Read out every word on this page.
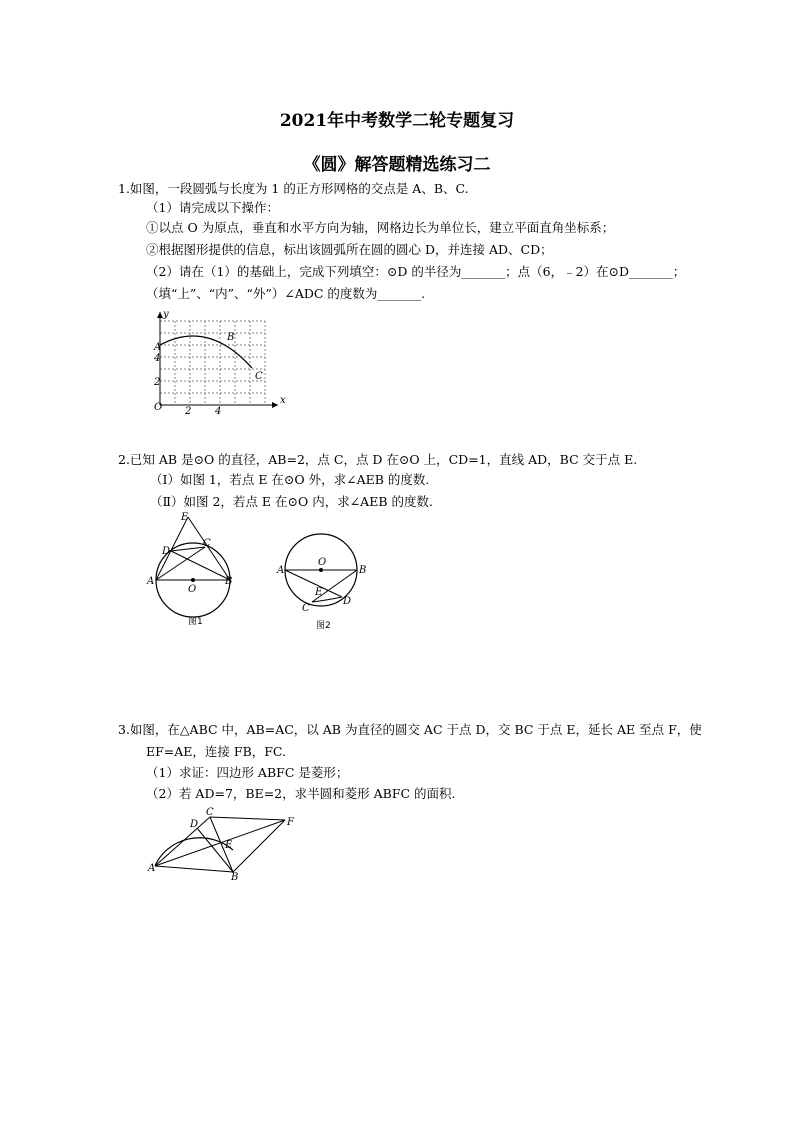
2021年中考数学二轮专题复习
《圆》解答题精选练习二
1.如图，一段圆弧与长度为 1 的正方形网格的交点是 A、B、C.
（1）请完成以下操作：
①以点 O 为原点，垂直和水平方向为轴，网格边长为单位长，建立平面直角坐标系；
②根据图形提供的信息，标出该圆弧所在圆的圆心 D，并连接 AD、CD；
（2）请在（1）的基础上，完成下列填空：⊙D 的半径为_______；点（6，﹣2）在⊙D_______；
（填“上”、“内”、“外”）∠ADC 的度数为_______.
y
x
A
B
C
O 2 4
2
4
2.已知 AB 是⊙O 的直径，AB=2，点 C，点 D 在⊙O 上，CD=1，直线 AD，BC 交于点 E.
（Ⅰ）如图 1，若点 E 在⊙O 外，求∠AEB 的度数.
（Ⅱ）如图 2，若点 E 在⊙O 内，求∠AEB 的度数.
E
D
C
A	B
O
图1
O
A	B
E
C
D
图2
3.如图，在△ABC 中，AB=AC，以 AB 为直径的圆交 AC 于点 D，交 BC 于点 E，延长 AE 至点 F，使
EF=AE，连接 FB，FC.
（1）求证：四边形 ABFC 是菱形；
（2）若 AD=7，BE=2，求半圆和菱形 ABFC 的面积.
C
D
E
F
A
B
